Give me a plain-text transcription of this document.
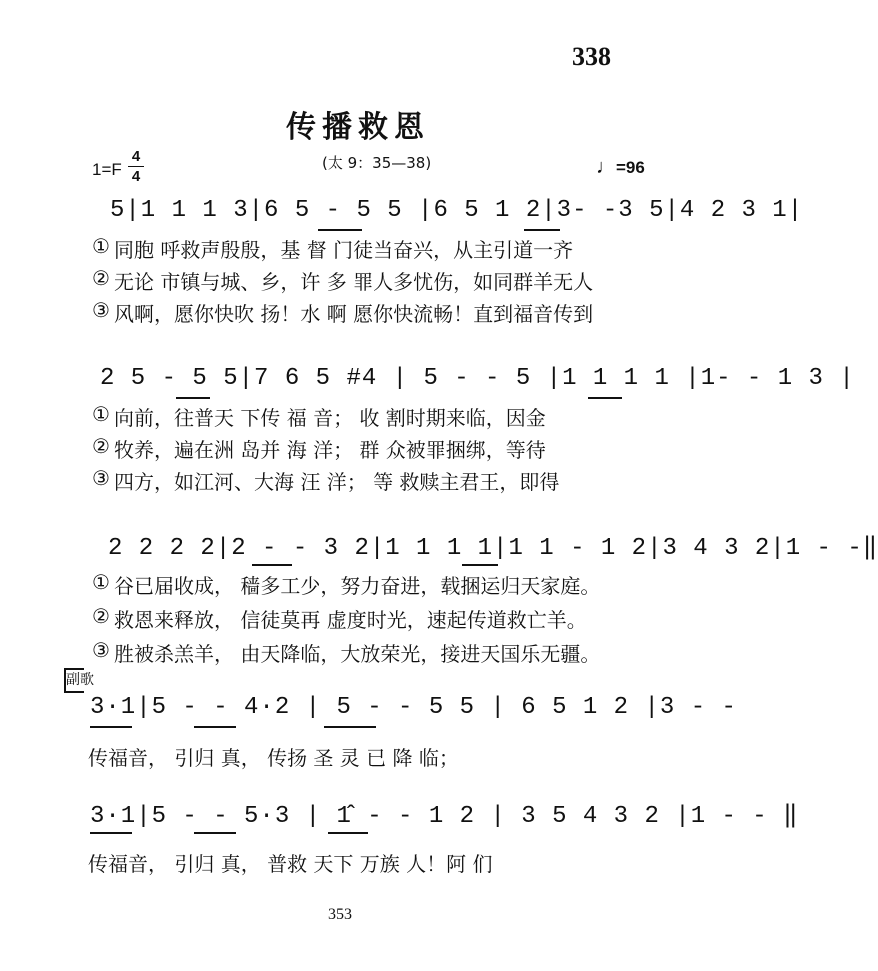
338
传播救恩
1=F
4
4
(太 9：35—38)	♩=96
5|1 1 1 3|6 5 - 5 5 |6 5 1 2|3- -3 5|4 2 3 1|
① 同胞 呼救声殷殷，基 督 门徒当奋兴，从主引道一齐
② 无论 市镇与城、乡，许 多 罪人多忧伤，如同群羊无人
③ 风啊，愿你快吹 扬！水 啊 愿你快流畅！直到福音传到
2 5 - 5 5|7 6 5 #4 | 5 - - 5 |1 1 1 1 |1- - 1 3 |
① 向前，往普天 下传 福 音； 收 割时期来临，因金
② 牧养，遍在洲 岛并 海 洋； 群 众被罪捆绑，等待
③ 四方，如江河、大海 汪 洋； 等 救赎主君王，即得
2 2 2 2|2 - - 3 2|1 1 1 1|1 1 - 1 2|3 4 3 2|1 - -‖
① 谷已届收成， 穑多工少，努力奋进，载捆运归天家庭。
② 救恩来释放， 信徒莫再 虚度时光，速起传道救亡羊。
③ 胜被杀羔羊， 由天降临，大放荣光，接进天国乐无疆。
副歌
3·1|5 - - 4·2 | 5 - - 5 5 | 6 5 1 2 |3 - -
传福音， 引归 真， 传扬 圣 灵 已 降 临；
3·1|5 - - 5·3 | 1̂ - - 1 2 | 3 5 4 3 2 |1 - - ‖
传福音， 引归 真， 普救 天下 万族 人！阿 们
353
